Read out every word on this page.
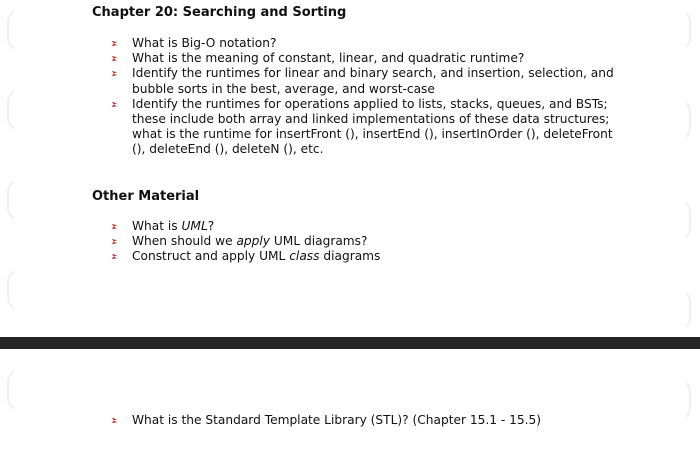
Chapter 20: Searching and Sorting
What is Big-O notation?
What is the meaning of constant, linear, and quadratic runtime?
Identify the runtimes for linear and binary search, and insertion, selection, and bubble sorts in the best, average, and worst-case
Identify the runtimes for operations applied to lists, stacks, queues, and BSTs; these include both array and linked implementations of these data structures; what is the runtime for insertFront (), insertEnd (), insertInOrder (), deleteFront (), deleteEnd (), deleteN (), etc.
Other Material
What is UML?
When should we apply UML diagrams?
Construct and apply UML class diagrams
What is the Standard Template Library (STL)? (Chapter 15.1 - 15.5)
